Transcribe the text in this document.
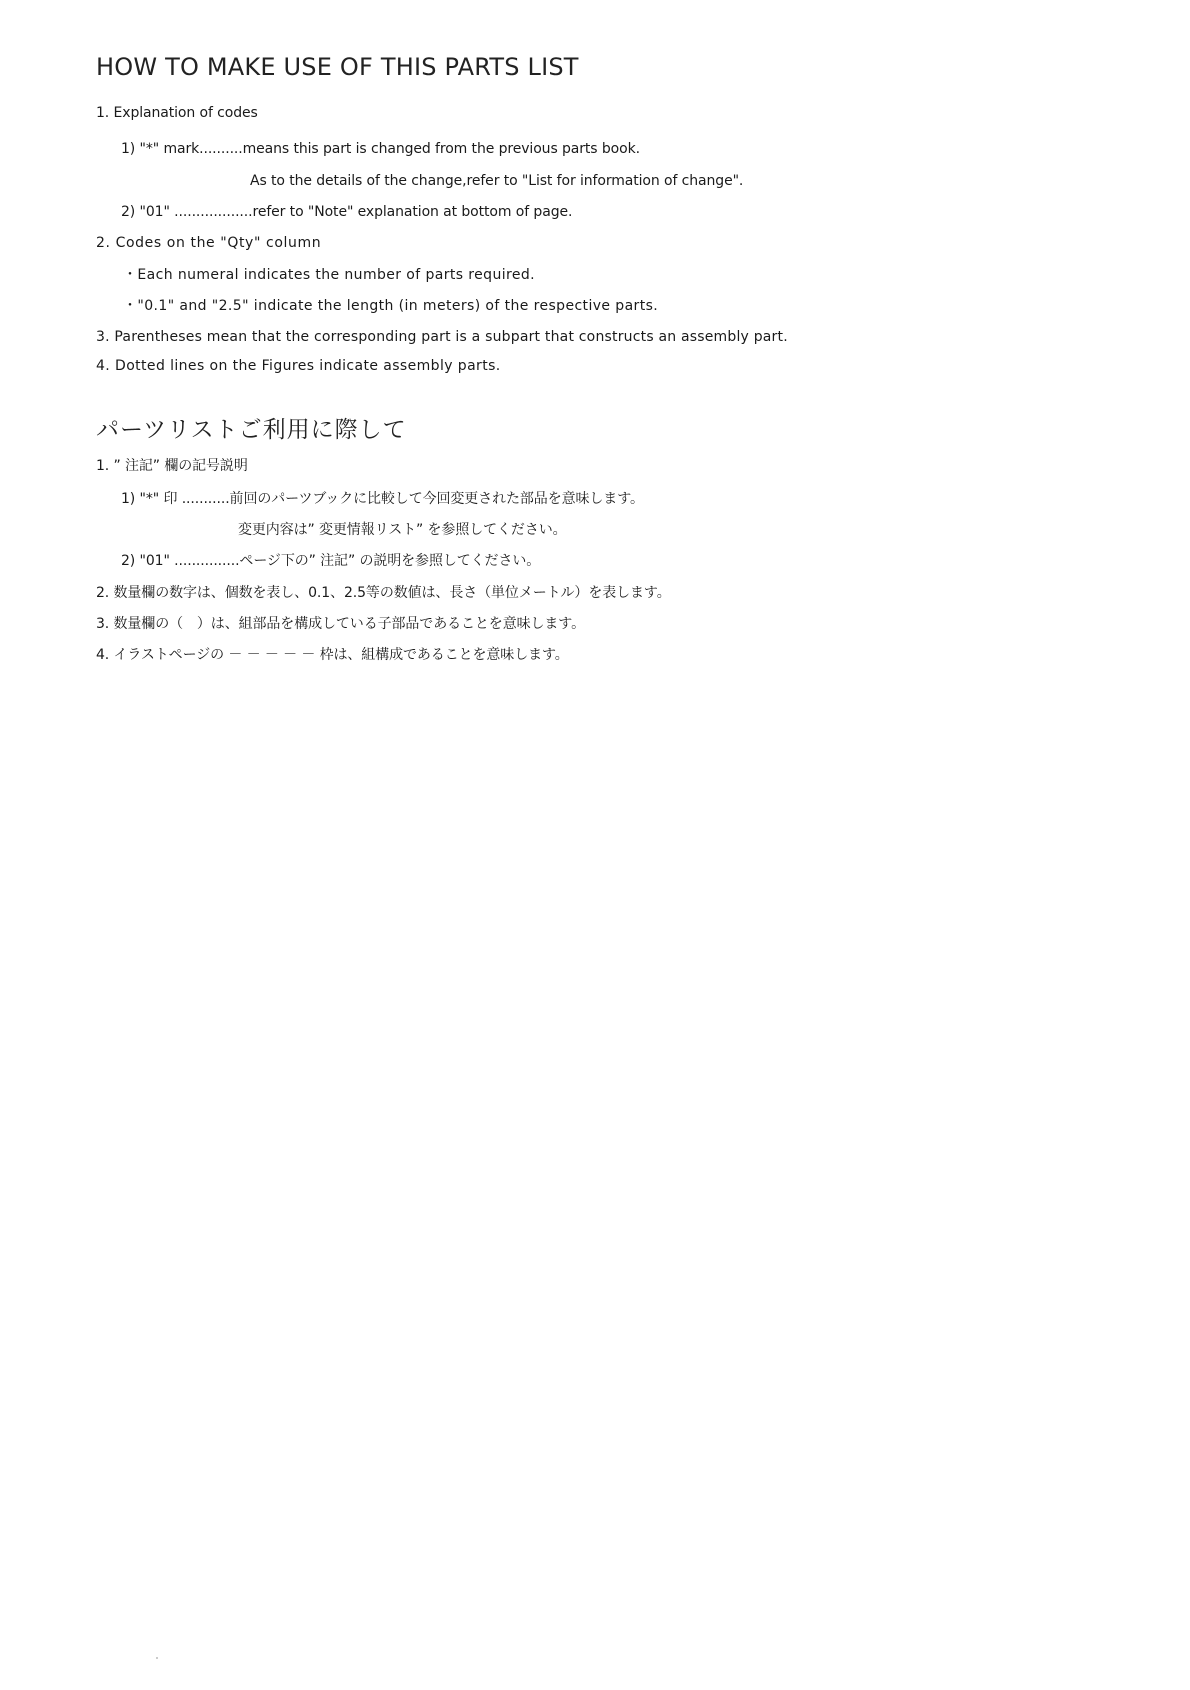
HOW TO MAKE USE OF THIS PARTS LIST
1. Explanation of codes
1) "*" mark..........means this part is changed from the previous parts book.
As to the details of the change,refer to "List for information of change".
2) "01" ..................refer to "Note" explanation at bottom of page.
2. Codes on the "Qty" column
・Each numeral indicates the number of parts required.
・"0.1" and "2.5" indicate the length (in meters) of the respective parts.
3. Parentheses mean that the corresponding part is a subpart that constructs an assembly part.
4. Dotted lines on the Figures indicate assembly parts.
パーツリストご利用に際して
1. ” 注記” 欄の記号説明
1) "*" 印 ...........前回のパーツブックに比較して今回変更された部品を意味します。
変更内容は” 変更情報リスト” を参照してください。
2) "01" ...............ページ下の” 注記” の説明を参照してください。
2. 数量欄の数字は、個数を表し、0.1、2.5等の数値は、長さ（単位メートル）を表します。
3. 数量欄の（　）は、組部品を構成している子部品であることを意味します。
4. イラストページの － － － － － 枠は、組構成であることを意味します。
